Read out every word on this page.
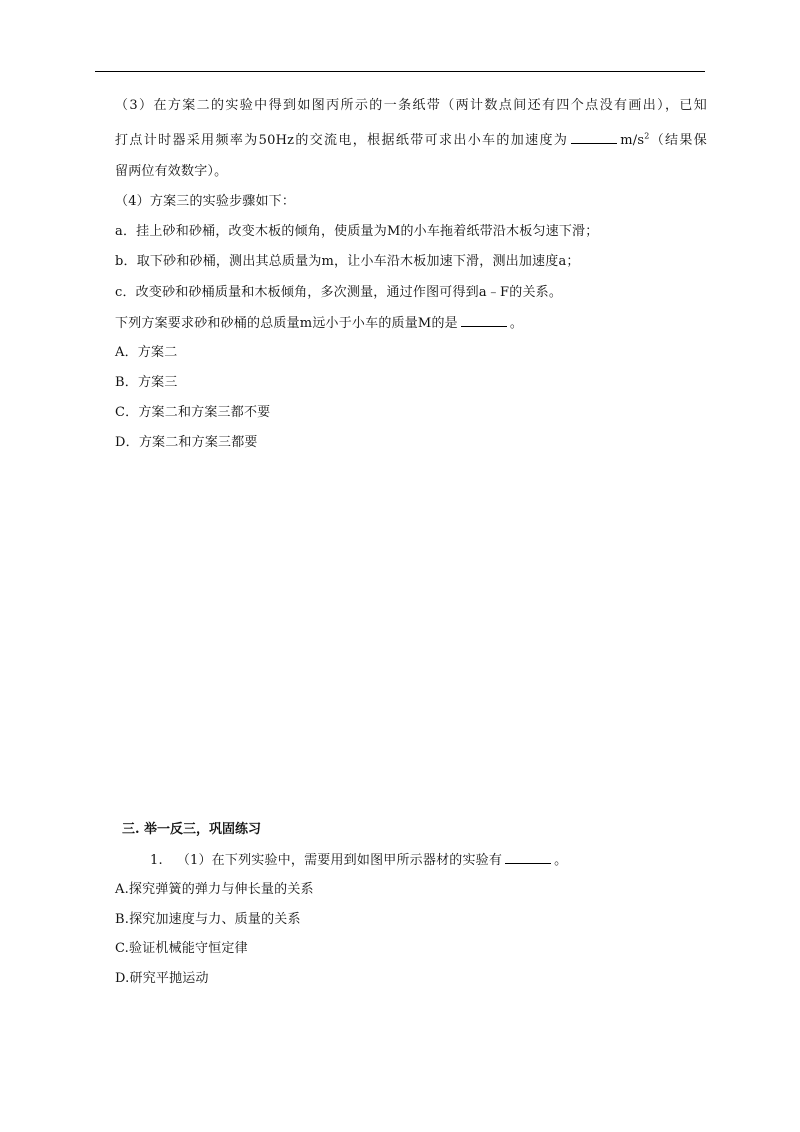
（3）在方案二的实验中得到如图丙所示的一条纸带（两计数点间还有四个点没有画出），已知
打点计时器采用频率为50Hz的交流电，根据纸带可求出小车的加速度为	$m/s^2$（结果保
留两位有效数字）。
（4）方案三的实验步骤如下：
a．挂上砂和砂桶，改变木板的倾角，使质量为M的小车拖着纸带沿木板匀速下滑；
b．取下砂和砂桶，测出其总质量为m，让小车沿木板加速下滑，测出加速度a；
c．改变砂和砂桶质量和木板倾角，多次测量，通过作图可得到a﹣F的关系。
下列方案要求砂和砂桶的总质量m远小于小车的质量M的是	。
A．方案二
B．方案三
C．方案二和方案三都不要
D．方案二和方案三都要
三. 举一反三，巩固练习
1. （1）在下列实验中，需要用到如图甲所示器材的实验有	。
A.探究弹簧的弹力与伸长量的关系
B.探究加速度与力、质量的关系
C.验证机械能守恒定律
D.研究平抛运动
